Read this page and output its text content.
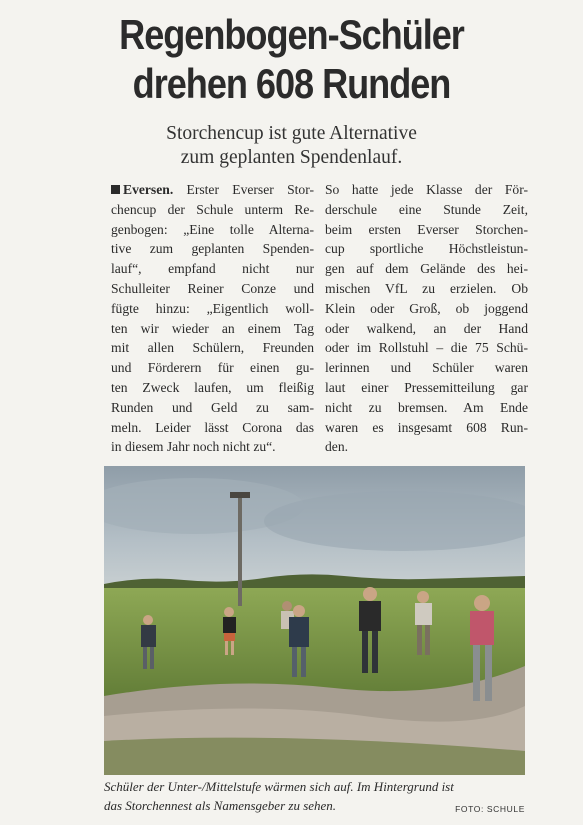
Regenbogen-Schüler
drehen 608 Runden
Storchencup ist gute Alternative
zum geplanten Spendenlauf.
Eversen. Erster Everser Stor-
chencup der Schule unterm Re-
genbogen: „Eine tolle Alterna-
tive zum geplanten Spenden-
lauf“, empfand nicht nur
Schulleiter Reiner Conze und
fügte hinzu: „Eigentlich woll-
ten wir wieder an einem Tag
mit allen Schülern, Freunden
und Förderern für einen gu-
ten Zweck laufen, um fleißig
Runden und Geld zu sam-
meln. Leider lässt Corona das
in diesem Jahr noch nicht zu“.
So hatte jede Klasse der För-
derschule eine Stunde Zeit,
beim ersten Everser Storchen-
cup sportliche Höchstleistun-
gen auf dem Gelände des hei-
mischen VfL zu erzielen. Ob
Klein oder Groß, ob joggend
oder walkend, an der Hand
oder im Rollstuhl – die 75 Schü-
lerinnen und Schüler waren
laut einer Pressemitteilung gar
nicht zu bremsen. Am Ende
waren es insgesamt 608 Run-
den.
Schüler der Unter-/Mittelstufe wärmen sich auf. Im Hintergrund ist
das Storchennest als Namensgeber zu sehen.	FOTO: SCHULE
